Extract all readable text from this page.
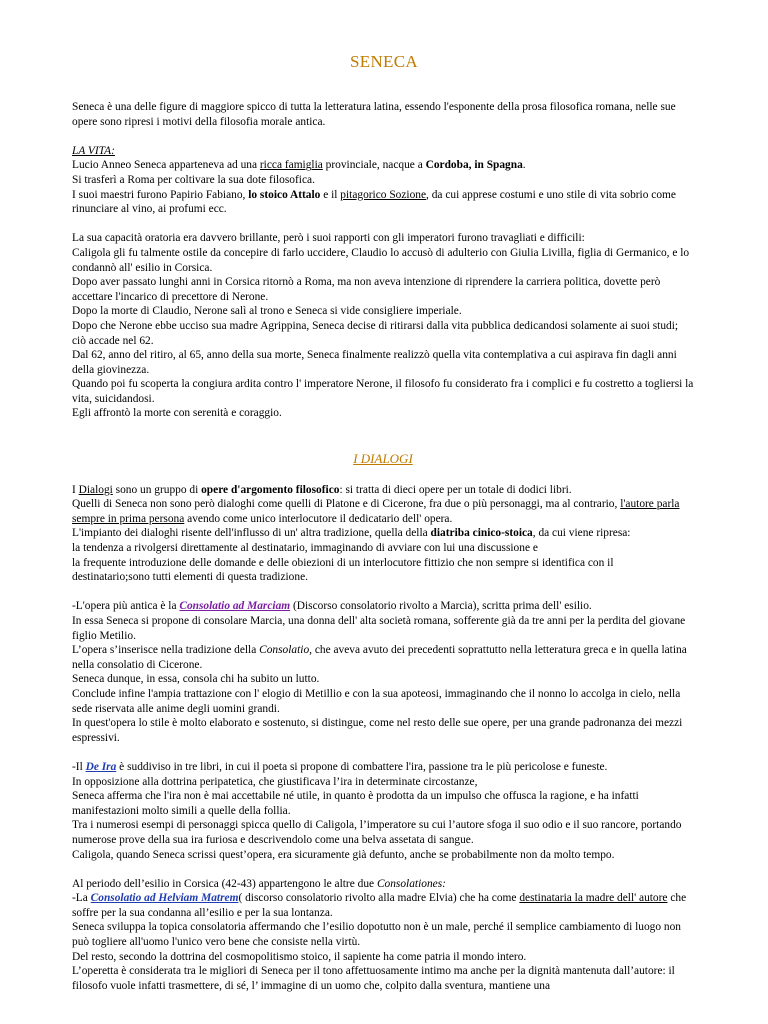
SENECA

Seneca è una delle figure di maggiore spicco di tutta la letteratura latina, essendo l'esponente della prosa filosofica romana, nelle sue opere sono ripresi i motivi della filosofia morale antica.

LA VITA:

Lucio Anneo Seneca apparteneva ad una ricca famiglia provinciale, nacque a Cordoba, in Spagna.

Si trasferì a Roma per coltivare la sua dote filosofica.

I suoi maestri furono Papirio Fabiano, lo stoico Attalo e il pitagorico Sozione, da cui apprese costumi e uno stile di vita sobrio come rinunciare al vino, ai profumi ecc.

La sua capacità oratoria era davvero brillante, però i suoi rapporti con gli imperatori furono travagliati e difficili:

Caligola gli fu talmente ostile da concepire di farlo uccidere, Claudio lo accusò di adulterio con Giulia Livilla, figlia di Germanico, e lo condannò all' esilio in Corsica.

Dopo aver passato lunghi anni in Corsica ritornò a Roma, ma non aveva intenzione di riprendere la carriera politica, dovette però accettare l'incarico di precettore di Nerone.

Dopo la morte di Claudio, Nerone salì al trono e Seneca si vide consigliere imperiale.

Dopo che Nerone ebbe ucciso sua madre Agrippina, Seneca decise di ritirarsi dalla vita pubblica dedicandosi solamente ai suoi studi; ciò accade nel 62.

Dal 62, anno del ritiro, al 65, anno della sua morte, Seneca finalmente realizzò quella vita contemplativa a cui aspirava fin dagli anni della giovinezza.

Quando poi fu scoperta la congiura ardita contro l' imperatore Nerone, il filosofo fu considerato fra i complici e fu costretto a togliersi la vita, suicidandosi.

Egli affrontò la morte con serenità e coraggio.

I DIALOGI

I Dialogi sono un gruppo di opere d'argomento filosofico: si tratta di dieci opere per un totale di dodici libri.

Quelli di Seneca non sono però dialoghi come quelli di Platone e di Cicerone, fra due o più personaggi, ma al contrario, l'autore parla sempre in prima persona avendo come unico interlocutore il dedicatario dell' opera.

L'impianto dei dialoghi risente dell'influsso di un' altra tradizione, quella della diatriba cinico-stoica, da cui viene ripresa:

la tendenza a rivolgersi direttamente al destinatario, immaginando di avviare con lui una discussione e

la frequente introduzione delle domande e delle obiezioni di un interlocutore fittizio che non sempre si identifica con il destinatario;sono tutti elementi di questa tradizione.

-L'opera più antica è la Consolatio ad Marciam (Discorso consolatorio rivolto a Marcia), scritta prima dell' esilio.

In essa Seneca si propone di consolare Marcia, una donna dell' alta società romana, sofferente già da tre anni per la perdita del giovane figlio Metilio.

L’opera s’inserisce nella tradizione della Consolatio, che aveva avuto dei precedenti soprattutto nella letteratura greca e in quella latina nella consolatio di Cicerone.

Seneca dunque, in essa, consola chi ha subito un lutto.

Conclude infine l'ampia trattazione con l' elogio di Metillio e con la sua apoteosi, immaginando che il nonno lo accolga in cielo, nella sede riservata alle anime degli uomini grandi.

In quest'opera lo stile è molto elaborato e sostenuto, si distingue, come nel resto delle sue opere, per una grande padronanza dei mezzi espressivi.

-Il De Ira è suddiviso in tre libri, in cui il poeta si propone di combattere l'ira, passione tra le più pericolose e funeste.

In opposizione alla dottrina peripatetica, che giustificava l’ira in determinate circostanze,

Seneca afferma che l'ira non è mai accettabile né utile, in quanto è prodotta da un impulso che offusca la ragione, e ha infatti manifestazioni molto simili a quelle della follia.

Tra i numerosi esempi di personaggi spicca quello di Caligola, l’imperatore su cui l’autore sfoga il suo odio e il suo rancore, portando numerose prove della sua ira furiosa e descrivendolo come una belva assetata di sangue.

Caligola, quando Seneca scrissi quest’opera, era sicuramente già defunto, anche se probabilmente non da molto tempo.

Al periodo dell’esilio in Corsica (42-43) appartengono le altre due Consolationes:

-La Consolatio ad Helviam Matrem( discorso consolatorio rivolto alla madre Elvia) che ha come destinataria la madre dell' autore che soffre per la sua condanna all’esilio e per la sua lontanza.

Seneca sviluppa la topica consolatoria affermando che l’esilio dopotutto non è un male, perché il semplice cambiamento di luogo non può togliere all'uomo l'unico vero bene che consiste nella virtù.

Del resto, secondo la dottrina del cosmopolitismo stoico, il sapiente ha come patria il mondo intero.

L’operetta è considerata tra le migliori di Seneca per il tono affettuosamente intimo ma anche per la dignità mantenuta dall’autore: il filosofo vuole infatti trasmettere, di sé, l’ immagine di un uomo che, colpito dalla sventura, mantiene una
